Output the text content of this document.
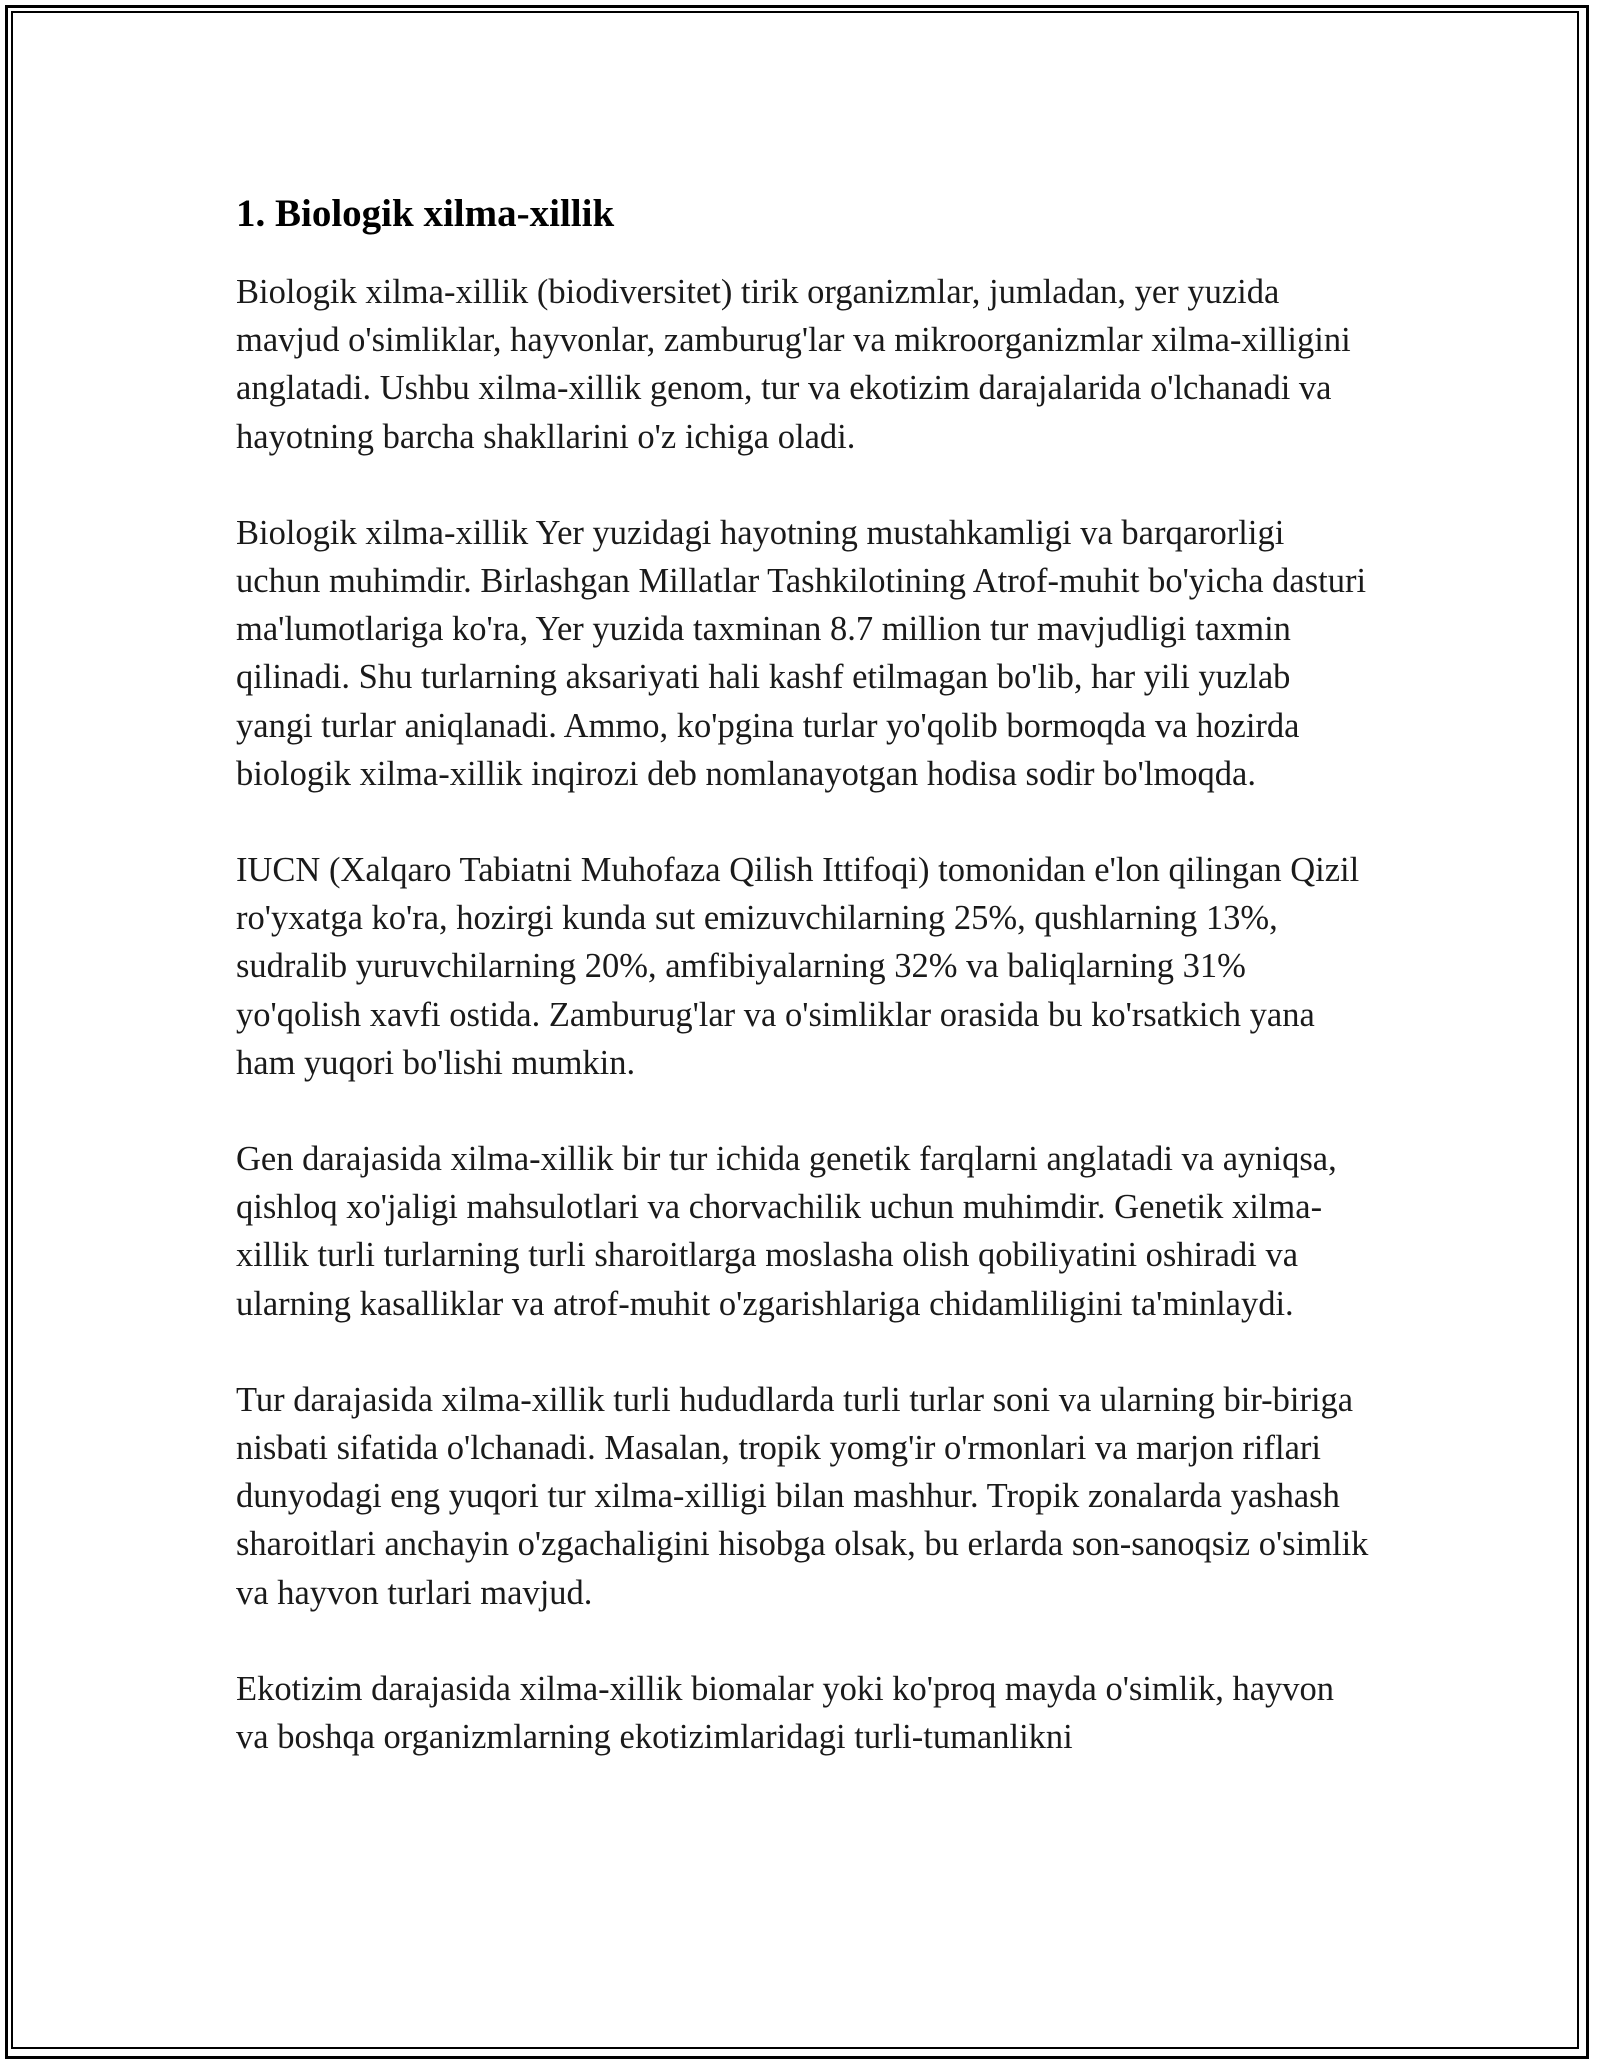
1. Biologik xilma-xillik

Biologik xilma-xillik (biodiversitet) tirik organizmlar, jumladan, yer yuzida mavjud o'simliklar, hayvonlar, zamburug'lar va mikroorganizmlar xilma-xilligini anglatadi. Ushbu xilma-xillik genom, tur va ekotizim darajalarida o'lchanadi va hayotning barcha shakllarini o'z ichiga oladi.

Biologik xilma-xillik Yer yuzidagi hayotning mustahkamligi va barqarorligi uchun muhimdir. Birlashgan Millatlar Tashkilotining Atrof-muhit bo'yicha dasturi ma'lumotlariga ko'ra, Yer yuzida taxminan 8.7 million tur mavjudligi taxmin qilinadi. Shu turlarning aksariyati hali kashf etilmagan bo'lib, har yili yuzlab yangi turlar aniqlanadi. Ammo, ko'pgina turlar yo'qolib bormoqda va hozirda biologik xilma-xillik inqirozi deb nomlanayotgan hodisa sodir bo'lmoqda.

IUCN (Xalqaro Tabiatni Muhofaza Qilish Ittifoqi) tomonidan e'lon qilingan Qizil ro'yxatga ko'ra, hozirgi kunda sut emizuvchilarning 25%, qushlarning 13%, sudralib yuruvchilarning 20%, amfibiyalarning 32% va baliqlarning 31% yo'qolish xavfi ostida. Zamburug'lar va o'simliklar orasida bu ko'rsatkich yana ham yuqori bo'lishi mumkin.

Gen darajasida xilma-xillik bir tur ichida genetik farqlarni anglatadi va ayniqsa, qishloq xo'jaligi mahsulotlari va chorvachilik uchun muhimdir. Genetik xilma-xillik turli turlarning turli sharoitlarga moslasha olish qobiliyatini oshiradi va ularning kasalliklar va atrof-muhit o'zgarishlariga chidamliligini ta'minlaydi.

Tur darajasida xilma-xillik turli hududlarda turli turlar soni va ularning bir-biriga nisbati sifatida o'lchanadi. Masalan, tropik yomg'ir o'rmonlari va marjon riflari dunyodagi eng yuqori tur xilma-xilligi bilan mashhur. Tropik zonalarda yashash sharoitlari anchayin o'zgachaligini hisobga olsak, bu erlarda son-sanoqsiz o'simlik va hayvon turlari mavjud.

Ekotizim darajasida xilma-xillik biomalar yoki ko'proq mayda o'simlik, hayvon va boshqa organizmlarning ekotizimlaridagi turli-tumanlikni
